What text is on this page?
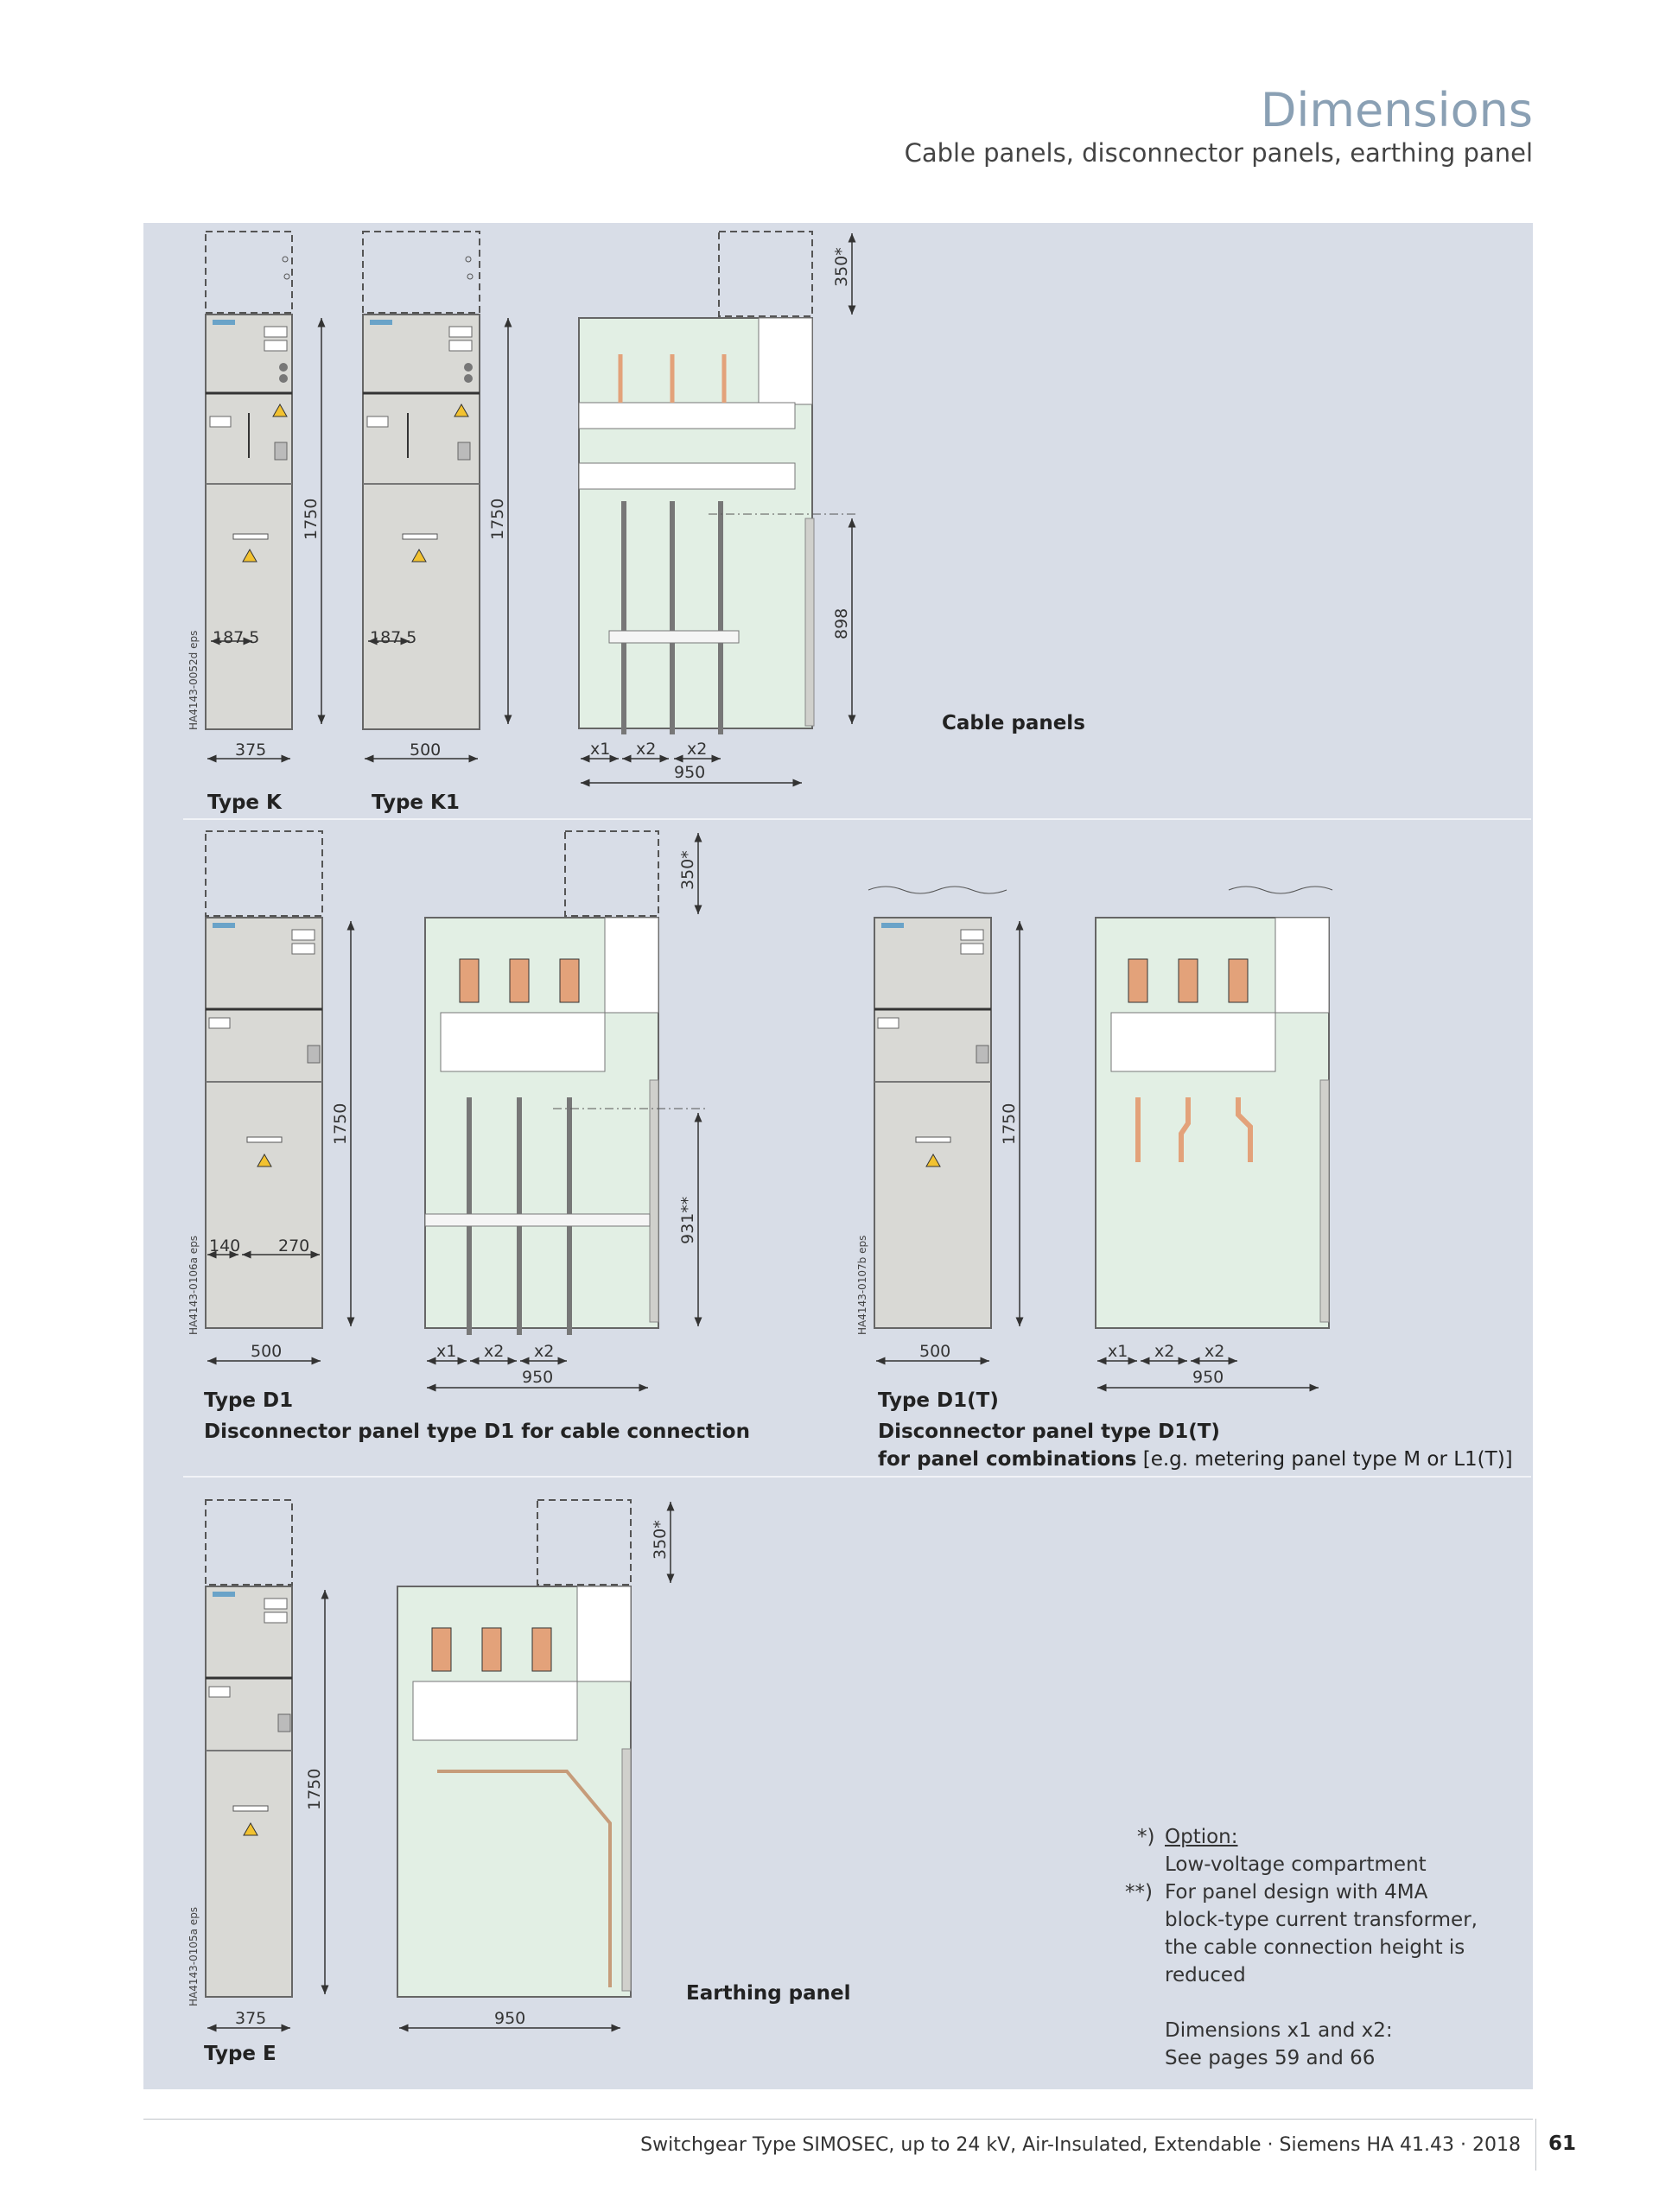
Dimensions
Cable panels, disconnector panels, earthing panel
1750	1750
187.5	187.5
375	500
950
x1 x2 x2
350*
898
HA4143-0052d eps
1750
140 270
500
950
x1 x2 x2
350*
931**
1750
500
950
x1 x2 x2
HA4143-0106a eps	HA4143-0107b eps
1750
375	950
350*
HA4143-0105a eps
Cable panels
Type K	Type K1
Type D1
Disconnector panel type D1 for cable connection
Type D1(T)
Disconnector panel type D1(T)
for panel combinations [e.g. metering panel type M or L1(T)]
Earthing panel
Type E
*) Option:
Low-voltage compartment
**) For panel design with 4MA
block-type current transformer,
the cable connection height is
reduced
Dimensions x1 and x2:
See pages 59 and 66
Switchgear Type SIMOSEC, up to 24 kV, Air-Insulated, Extendable · Siemens HA 41.43 · 2018 61
